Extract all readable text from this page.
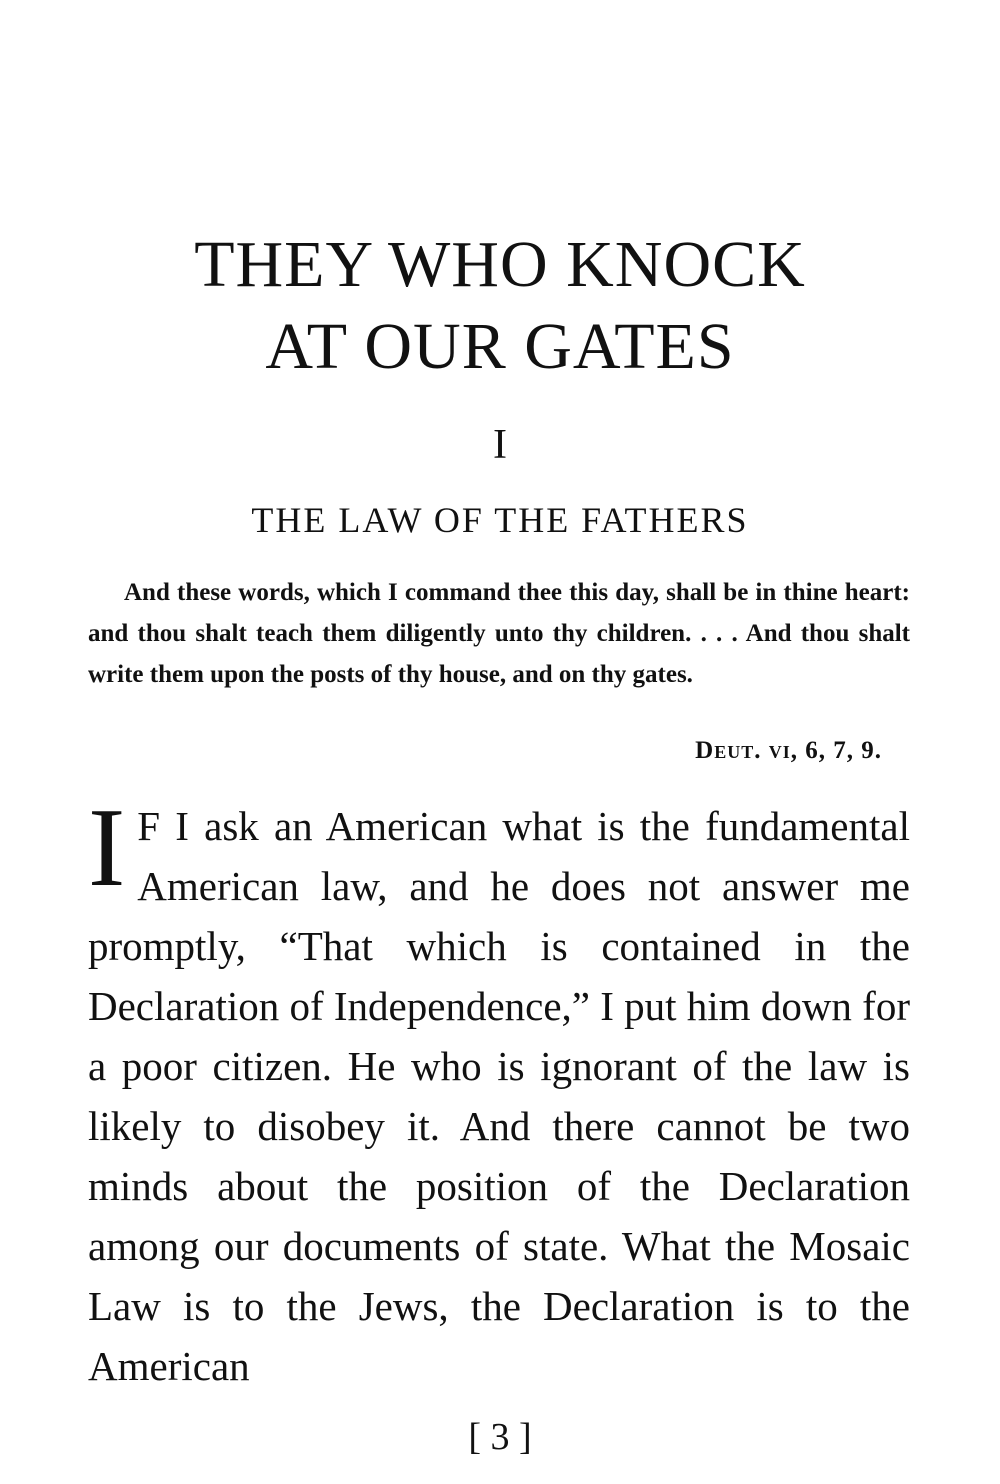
THEY WHO KNOCK
AT OUR GATES
I
THE LAW OF THE FATHERS

And these words, which I command thee this day, shall be in thine heart: and thou shalt teach them diligently unto thy children. . . . And thou shalt write them upon the posts of thy house, and on thy gates.

Deut. vi, 6, 7, 9.

I F I ask an American what is the fundamental American law, and he does not answer me promptly, “That which is contained in the Declaration of Independence,” I put him down for a poor citizen. He who is ignorant of the law is likely to disobey it. And there cannot be two minds about the position of the Declaration among our documents of state. What the Mosaic Law is to the Jews, the Declaration is to the American

[ 3 ]
